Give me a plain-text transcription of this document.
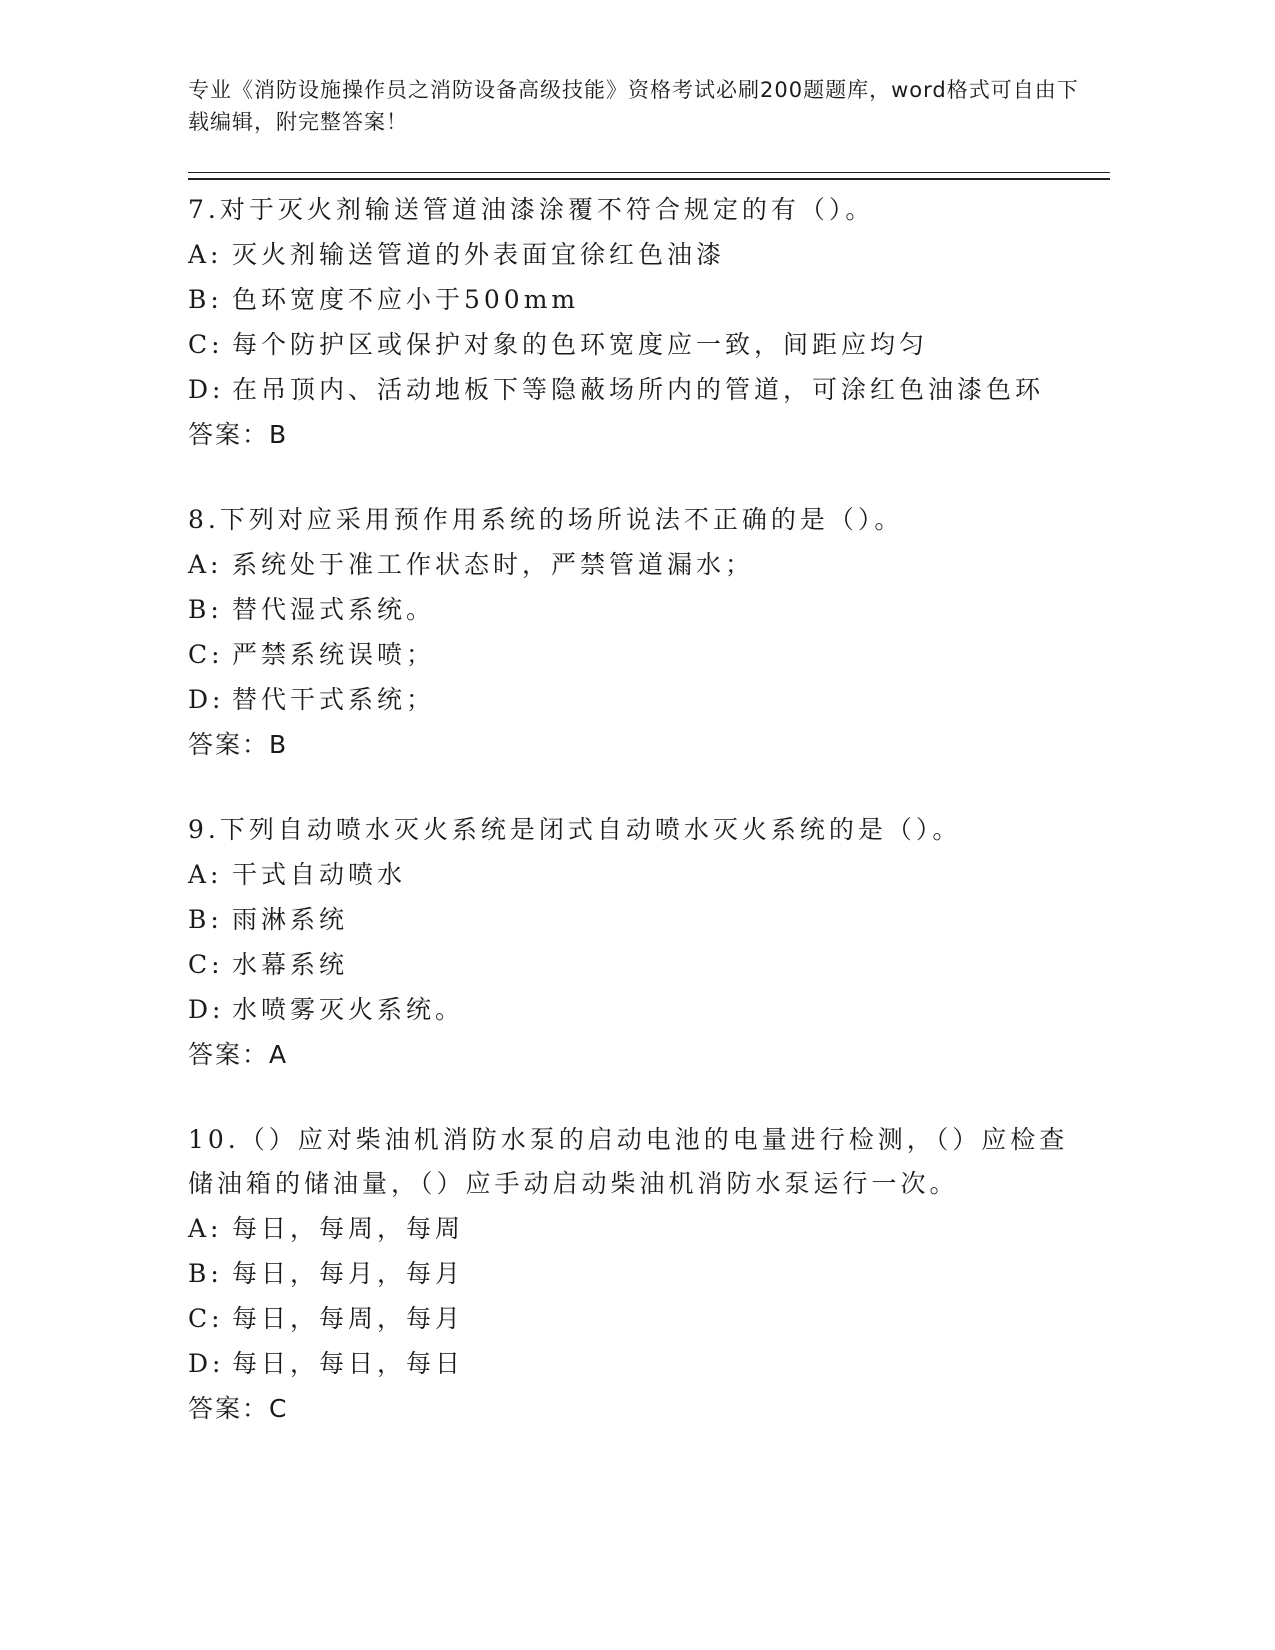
专业《消防设施操作员之消防设备高级技能》资格考试必刷200题题库，word格式可自由下载编辑，附完整答案！

7.对于灭火剂输送管道油漆涂覆不符合规定的有（）。

A: 灭火剂输送管道的外表面宜徐红色油漆

B: 色环宽度不应小于500mm

C: 每个防护区或保护对象的色环宽度应一致，间距应均匀

D: 在吊顶内、活动地板下等隐蔽场所内的管道，可涂红色油漆色环

答案：B

8.下列对应采用预作用系统的场所说法不正确的是（）。

A: 系统处于准工作状态时，严禁管道漏水；

B: 替代湿式系统。

C: 严禁系统误喷；

D: 替代干式系统；

答案：B

9.下列自动喷水灭火系统是闭式自动喷水灭火系统的是（）。

A: 干式自动喷水

B: 雨淋系统

C: 水幕系统

D: 水喷雾灭火系统。

答案：A

10.（）应对柴油机消防水泵的启动电池的电量进行检测，（）应检查储油箱的储油量，（）应手动启动柴油机消防水泵运行一次。

A: 每日，每周，每周

B: 每日，每月，每月

C: 每日，每周，每月

D: 每日，每日，每日

答案：C
